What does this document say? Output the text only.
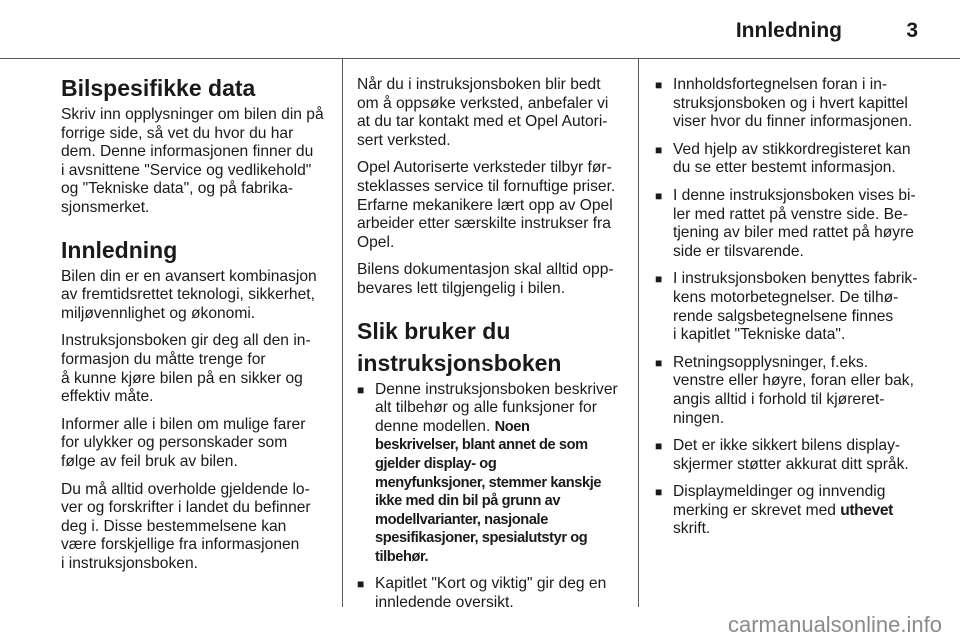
Innledning	3
Bilspesifikke data

Skriv inn opplysninger om bilen din på
forrige side, så vet du hvor du har
dem. Denne informasjonen finner du
i avsnittene "Service og vedlikehold"
og "Tekniske data", og på fabrika-
sjonsmerket.

Innledning

Bilen din er en avansert kombinasjon
av fremtidsrettet teknologi, sikkerhet,
miljøvennlighet og økonomi.

Instruksjonsboken gir deg all den in-
formasjon du måtte trenge for
å kunne kjøre bilen på en sikker og
effektiv måte.

Informer alle i bilen om mulige farer
for ulykker og personskader som
følge av feil bruk av bilen.

Du må alltid overholde gjeldende lo-
ver og forskrifter i landet du befinner
deg i. Disse bestemmelsene kan
være forskjellige fra informasjonen
i instruksjonsboken.

Når du i instruksjonsboken blir bedt
om å oppsøke verksted, anbefaler vi
at du tar kontakt med et Opel Autori-
sert verksted.

Opel Autoriserte verksteder tilbyr før-
steklasses service til fornuftige priser.
Erfarne mekanikere lært opp av Opel
arbeider etter særskilte instrukser fra
Opel.

Bilens dokumentasjon skal alltid opp-
bevares lett tilgjengelig i bilen.

Slik bruker du
instruksjonsboken
■ Denne instruksjonsboken beskriver
alt tilbehør og alle funksjoner for
denne modellen. Noen
beskrivelser, blant annet de som
gjelder display- og
menyfunksjoner, stemmer kanskje
ikke med din bil på grunn av
modellvarianter, nasjonale
spesifikasjoner, spesialutstyr og
tilbehør.
■ Kapitlet "Kort og viktig" gir deg en
innledende oversikt.
■ Innholdsfortegnelsen foran i in-
struksjonsboken og i hvert kapittel
viser hvor du finner informasjonen.
■ Ved hjelp av stikkordregisteret kan
du se etter bestemt informasjon.
■ I denne instruksjonsboken vises bi-
ler med rattet på venstre side. Be-
tjening av biler med rattet på høyre
side er tilsvarende.
■ I instruksjonsboken benyttes fabrik-
kens motorbetegnelser. De tilhø-
rende salgsbetegnelsene finnes
i kapitlet "Tekniske data".
■ Retningsopplysninger, f.eks.
venstre eller høyre, foran eller bak,
angis alltid i forhold til kjøreret-
ningen.
■ Det er ikke sikkert bilens display-
skjermer støtter akkurat ditt språk.
■ Displaymeldinger og innvendig
merking er skrevet med uthevet
skrift.
carmanualsonline.info
